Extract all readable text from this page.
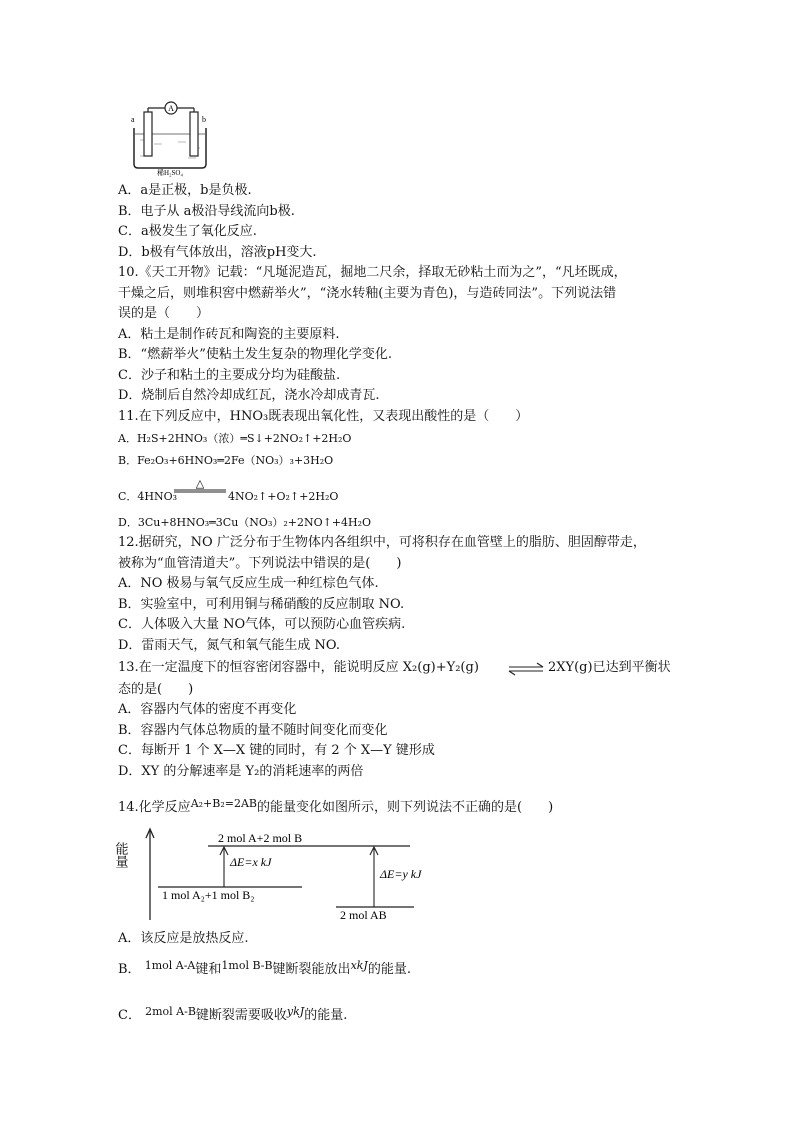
A
a	b
稀H₂SO₄
A．a是正极，b是负极.
B．电子从 a极沿导线流向b极.
C．a极发生了氧化反应.
D．b极有气体放出，溶液pH变大.
10.《天工开物》记载：“凡埏泥造瓦，掘地二尺余，择取无砂粘土而为之”，“凡坯既成，
干燥之后，则堆积窖中燃薪举火”，“浇水转釉(主要为青色)，与造砖同法”。下列说法错
误的是（　　）
A．粘土是制作砖瓦和陶瓷的主要原料.
B．“燃薪举火”使粘土发生复杂的物理化学变化.
C．沙子和粘土的主要成分均为硅酸盐.
D．烧制后自然冷却成红瓦，浇水冷却成青瓦.
11.在下列反应中，HNO₃既表现出氧化性，又表现出酸性的是（　　）
A．H₂S+2HNO₃（浓）═S↓+2NO₂↑+2H₂O
B．Fe₂O₃+6HNO₃═2Fe（NO₃）₃+3H₂O
C．4HNO₃
△
4NO₂↑+O₂↑+2H₂O
D．3Cu+8HNO₃═3Cu（NO₃）₂+2NO↑+4H₂O
12.据研究，NO 广泛分布于生物体内各组织中，可将积存在血管壁上的脂肪、胆固醇带走，
被称为“血管清道夫”。下列说法中错误的是(　　)
A．NO 极易与氧气反应生成一种红棕色气体.
B．实验室中，可利用铜与稀硝酸的反应制取 NO.
C．人体吸入大量 NO气体，可以预防心血管疾病.
D．雷雨天气，氮气和氧气能生成 NO.
13.在一定温度下的恒容密闭容器中，能说明反应 X₂(g)+Y₂(g) ⇌ 2XY(g)已达到平衡状
态的是(　　)
A．容器内气体的密度不再变化
B．容器内气体总物质的量不随时间变化而变化
C．每断开 1 个 X—X 键的同时，有 2 个 X—Y 键形成
D．XY 的分解速率是 Y₂的消耗速率的两倍
14.化学反应$^{A_2+B_2=2AB}$的能量变化如图所示，则下列说法不正确的是(　　)
能量
2 mol A+2 mol B
1 mol A₂+1 mol B₂
ΔE=x kJ
2 mol AB
ΔE=y kJ
A．该反应是放热反应.
B． $^{1mol A-A}$键和$^{1mol B-B}$键断裂能放出$^{xkJ}$的能量.
C． $^{2mol A-B}$键断裂需要吸收$^{ykJ}$的能量.
